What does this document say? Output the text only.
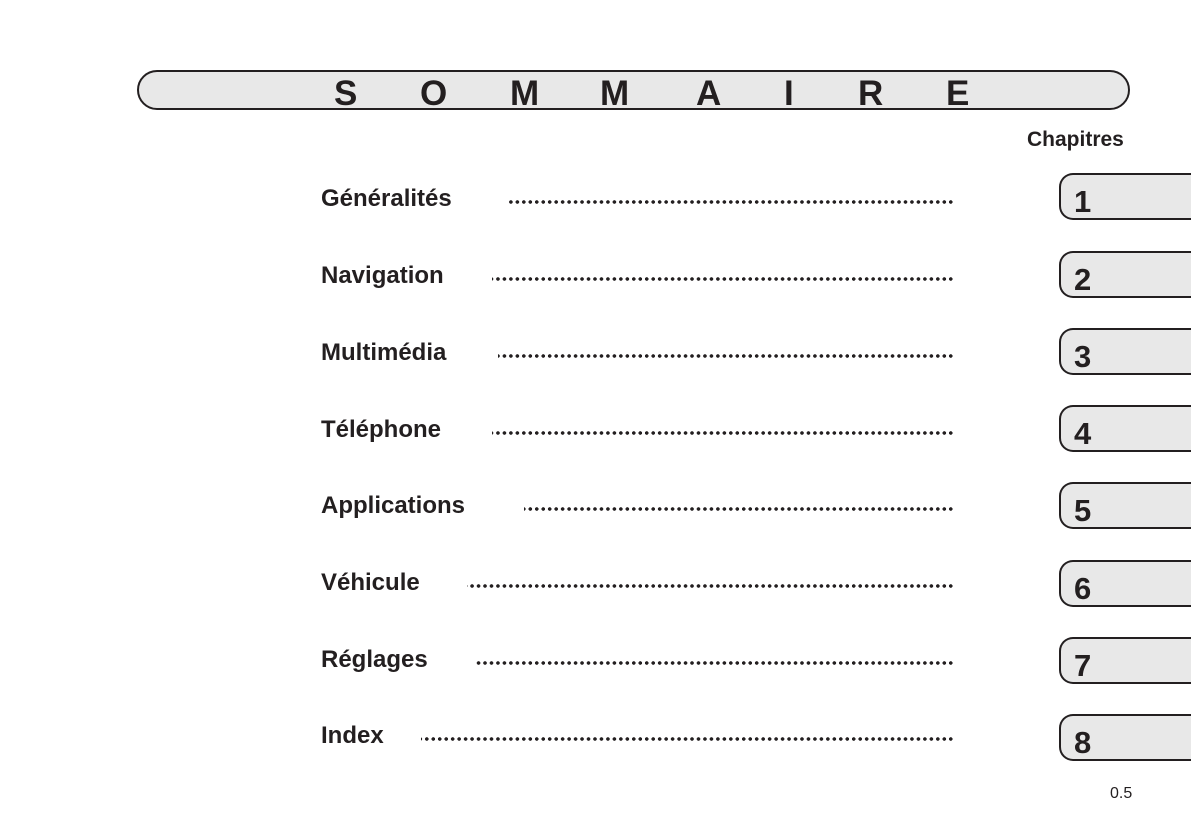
S O M M A I R E
Chapitres
Généralités
Navigation
Multimédia
Téléphone
Applications
Véhicule
Réglages
Index
1
2
3
4
5
6
7
8
0.5
